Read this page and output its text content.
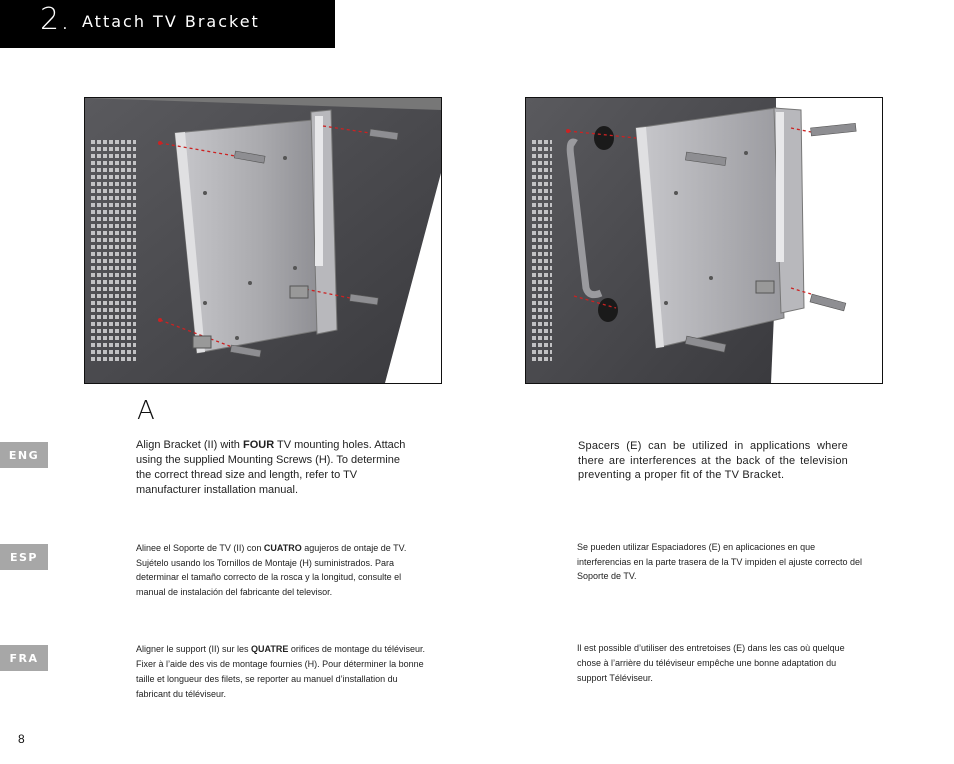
2. Attach TV Bracket
A
ENG
ESP
FRA
Align Bracket (II) with FOUR TV mounting holes. Attach using the supplied Mounting Screws (H). To determine the correct thread size and length, refer to TV manufacturer installation manual.
Spacers (E) can be utilized in applications where there are interferences at the back of the television preventing a proper fit of the TV Bracket.
Alinee el Soporte de TV (II) con CUATRO agujeros de ontaje de TV. Sujételo usando los Tornillos de Montaje (H) suministrados. Para determinar el tamaño correcto de la rosca y la longitud, consulte el manual de instalación del fabricante del televisor.
Se pueden utilizar Espaciadores (E) en aplicaciones en que interferencias en la parte trasera de la TV impiden el ajuste correcto del Soporte de TV.
Aligner le support (II) sur les QUATRE orifices de montage du téléviseur. Fixer à l’aide des vis de montage fournies (H). Pour déterminer la bonne taille et longueur des filets, se reporter au manuel d’installation du fabricant du téléviseur.
Il est possible d’utiliser des entretoises (E) dans les cas où quelque chose à l’arrière du téléviseur empêche une bonne adaptation du support Téléviseur.
8
